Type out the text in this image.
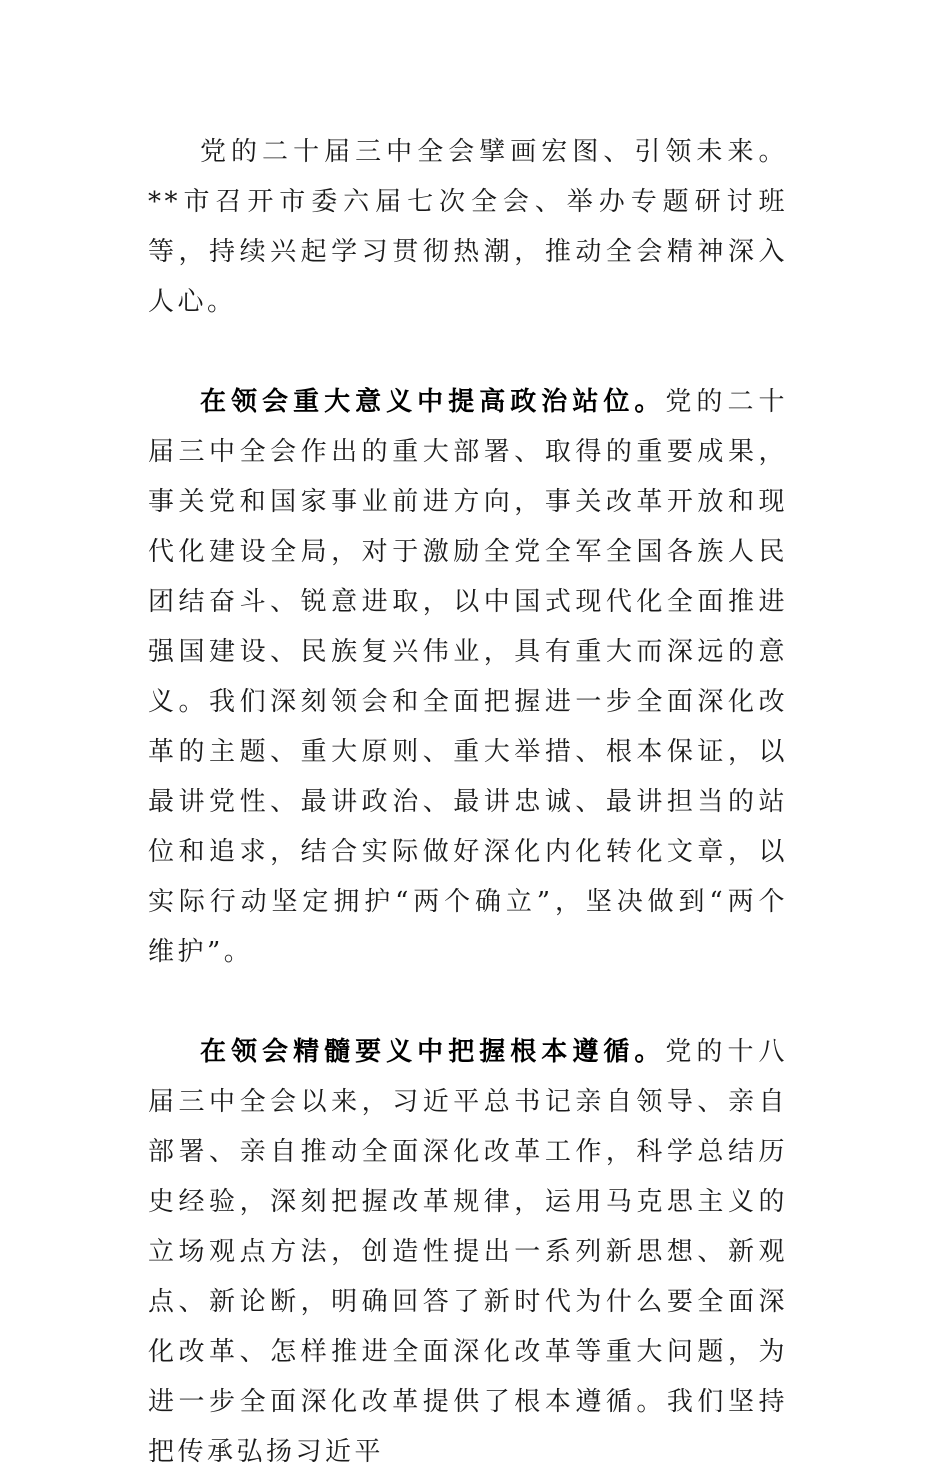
党的二十届三中全会擘画宏图、引领未来。**市召开市委六届七次全会、举办专题研讨班等，持续兴起学习贯彻热潮，推动全会精神深入人心。

在领会重大意义中提高政治站位。党的二十届三中全会作出的重大部署、取得的重要成果，事关党和国家事业前进方向，事关改革开放和现代化建设全局，对于激励全党全军全国各族人民团结奋斗、锐意进取，以中国式现代化全面推进强国建设、民族复兴伟业，具有重大而深远的意义。我们深刻领会和全面把握进一步全面深化改革的主题、重大原则、重大举措、根本保证，以最讲党性、最讲政治、最讲忠诚、最讲担当的站位和追求，结合实际做好深化内化转化文章，以实际行动坚定拥护“两个确立”，坚决做到“两个维护”。

在领会精髓要义中把握根本遵循。党的十八届三中全会以来，习近平总书记亲自领导、亲自部署、亲自推动全面深化改革工作，科学总结历史经验，深刻把握改革规律，运用马克思主义的立场观点方法，创造性提出一系列新思想、新观点、新论断，明确回答了新时代为什么要全面深化改革、怎样推进全面深化改革等重大问题，为进一步全面深化改革提供了根本遵循。我们坚持把传承弘扬习近平
